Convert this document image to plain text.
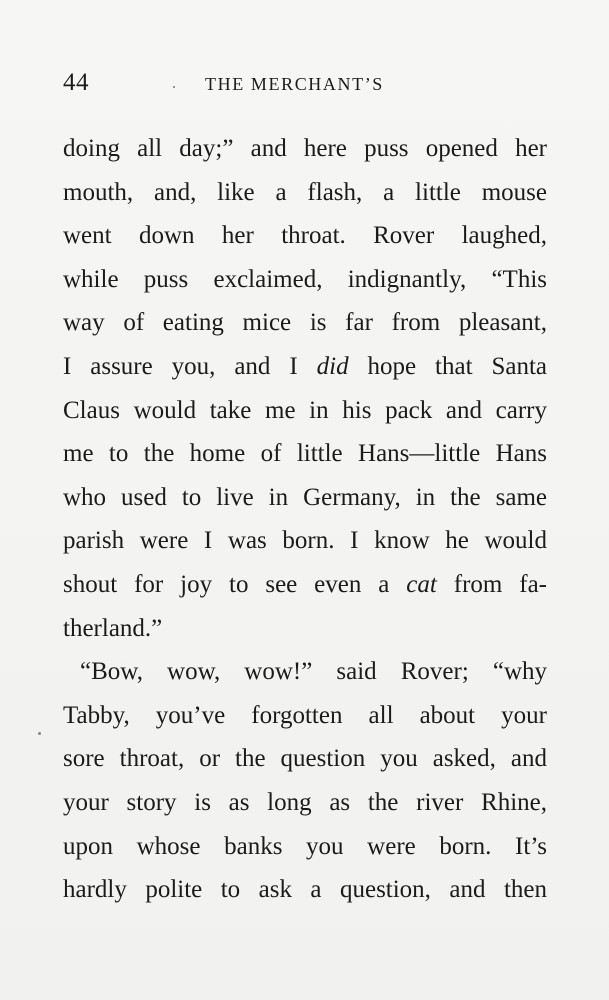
44	THE MERCHANT’S
doing all day;” and here puss opened her
mouth, and, like a flash, a little mouse
went down her throat. Rover laughed,
while puss exclaimed, indignantly, “This
way of eating mice is far from pleasant,
I assure you, and I did hope that Santa
Claus would take me in his pack and carry
me to the home of little Hans—little Hans
who used to live in Germany, in the same
parish were I was born. I know he would
shout for joy to see even a cat from fa-
therland.”
“Bow, wow, wow!” said Rover; “why
Tabby, you’ve forgotten all about your
sore throat, or the question you asked, and
your story is as long as the river Rhine,
upon whose banks you were born. It’s
hardly polite to ask a question, and then
